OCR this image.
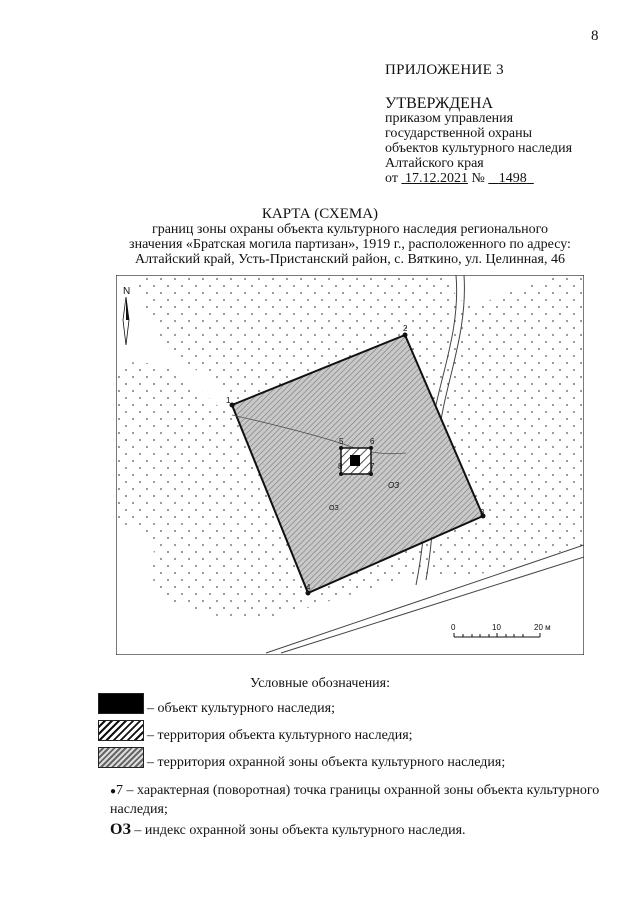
8
ПРИЛОЖЕНИЕ 3
УТВЕРЖДЕНА
приказом управления
государственной охраны
объектов культурного наследия
Алтайского края
от 17.12.2021 № 1498
КАРТА (СХЕМА)
границ зоны охраны объекта культурного наследия регионального
значения «Братская могила партизан», 1919 г., расположенного по адресу:
Алтайский край, Усть-Пристанский район, с. Вяткино, ул. Целинная, 46
1
2
3
4
5	6
7
8
ОЗ
ОЗ
N
0	10	20 м
Условные обозначения:
– объект культурного наследия;
– территория объекта культурного наследия;
– территория охранной зоны объекта культурного наследия;
●7 – характерная (поворотная) точка границы охранной зоны объекта культурного наследия;
ОЗ – индекс охранной зоны объекта культурного наследия.
